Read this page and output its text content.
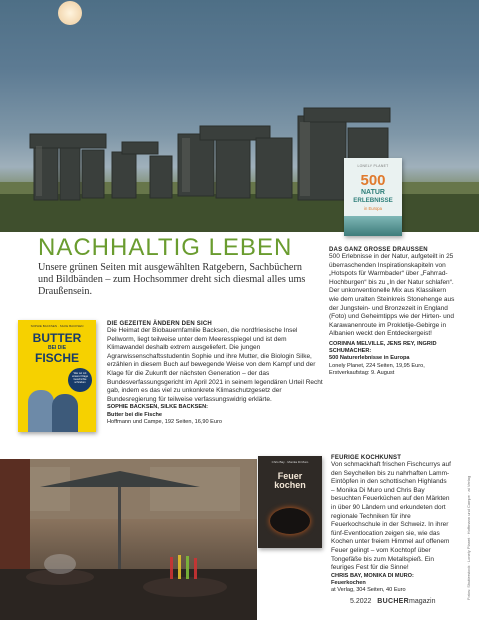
LONELY PLANET
500
NATUR
ERLEBNISSE
in Europa
NACHHALTIG LEBEN
Unsere grünen Seiten mit ausgewählten Ratgebern, Sachbüchern und Bildbänden – zum Hochsommer dreht sich diesmal alles ums Draußensein.
DAS GANZ GROSSE DRAUSSEN
500 Erlebnisse in der Natur, aufgeteilt in 25 überraschenden Inspirationskapiteln von „Hotspots für Warmbader“ über „Fahrrad-Hochburgen“ bis zu „In der Natur schlafen“. Der unkonventionelle Mix aus Klassikern wie dem uralten Steinkreis Stonehenge aus der Jungstein- und Bronzezeit in England (Foto) und Geheimtipps wie der Hirten- und Karawanenroute im Prokletije-Gebirge in Albanien weckt den Entdeckergeist!
CORINNA MELVILLE, JENS REY, INGRID SCHUMACHER:
500 Naturerlebnisse in Europa
Lonely Planet, 224 Seiten, 19,95 Euro, Erstverkaufstag: 9. August
SOPHIE BACKSEN · SILKE BACKSEN
BUTTER
BEI DIE
FISCHE
Wie wir mit unserer Klage Geschichte schrieben
DIE GEZEITEN ÄNDERN DEN SICH
Die Heimat der Biobauernfamilie Backsen, die nordfriesische Insel Pellworm, liegt teilweise unter dem Meeresspiegel und ist dem Klimawandel deshalb extrem ausgeliefert. Die jungen Agrarwissenschaftsstudentin Sophie und ihre Mutter, die Biologin Silke, erzählen in diesem Buch auf bewegende Weise von dem Kampf und der Klage für die Zukunft der nächsten Generation – der das Bundesverfassungsgericht im April 2021 in seinem legendären Urteil Recht gab, indem es das viel zu unkonkrete Klimaschutzgesetz der Bundesregierung für teilweise verfassungswidrig erklärte.
SOPHIE BACKSEN, SILKE BACKSEN:
Butter bei die Fische
Hoffmann und Campe, 192 Seiten, 16,90 Euro
Chris Bay · Monika Di Muro
Feuer kochen
FEURIGE KOCHKUNST
Von schmackhaft frischen Fischcurrys auf den Seychellen bis zu nahrhaften Lamm-Eintöpfen in den schottischen Highlands – Monika Di Muro und Chris Bay besuchten Feuerküchen auf den Märkten in über 90 Ländern und erkundeten dort regionale Techniken für ihre Feuerkochschule in der Schweiz. In ihrer fünf-Eventlocation zeigen sie, wie das Kochen unter freiem Himmel auf offenem Feuer gelingt – vom Kochtopf über Tongefäße bis zum Metallspieß. Ein feuriges Fest für die Sinne!
CHRIS BAY, MONIKA DI MURO:
Feuerkochen
at Verlag, 304 Seiten, 40 Euro
5.2022 BUCHERmagazin
Fotos: Shutterstock · Lonely Planet · Hoffmann und Campe · at Verlag
